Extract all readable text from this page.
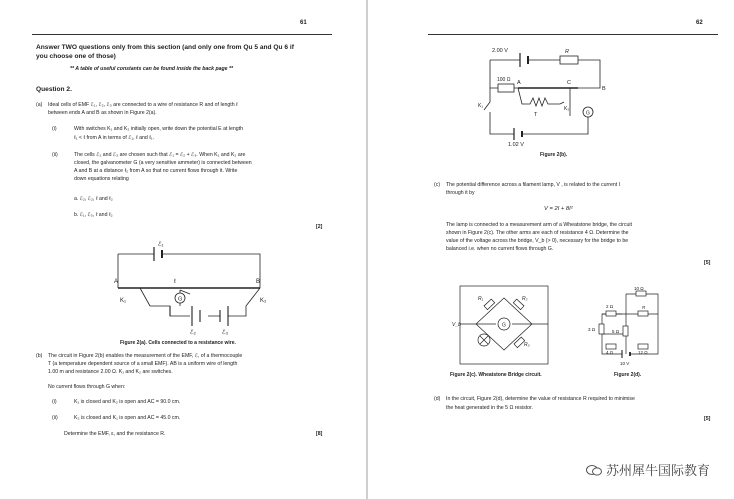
61
Answer TWO questions only from this section (and only one from Qu 5 and Qu 6 if you choose one of those)
** A table of useful constants can be found inside the back page **
Question 2.
(a) Ideal cells of EMF ℰ₁, ℰ₂, ℰ₃ are connected to a wire of resistance R and of length ℓ
between ends A and B as shown in Figure 2(a).
(i)	With switches K₁ and K₂ initially open, write down the potential E at length
ℓ₁ < ℓ from A in terms of ℰ₁, ℓ and ℓ₁.
(ii)	The cells ℰ₂ and ℰ₃ are chosen such that ℰ₁ = ℰ₂ + ℰ₃. When K₁ and K₂ are
closed, the galvanometer G (a very sensitive ammeter) is connected between
A and B at a distance ℓ₂ from A so that no current flows through it. Write
down equations relating
a. ℰ₂, ℰ₂, ℓ and ℓ₂
b. ℰ₁, ℰ₃, ℓ and ℓ₂
[2]
G
ℰ₁
ℓ
A	B
K₁	K₂
ℰ₂	ℰ₃
Figure 2(a). Cells connected to a resistance wire.
(b) The circuit in Figure 2(b) enables the measurement of the EMF, ℰ, of a thermocouple
T (a temperature dependent source of a small EMF). AB is a uniform wire of length
1.00 m and resistance 2.00 Ω. K₁ and K₂ are switches.
No current flows through G when:
(i)	K₁ is closed and K₂ is open and AC = 90.0 cm.
(ii)	K₂ is closed and K₁ is open and AC = 45.0 cm.
Determine the EMF, ε, and the resistance R.	[8]
62
2.00 V	R
100 Ω A	C
B
K₁
T
K₂
G
1.02 V
Figure 2(b).
(c) The potential difference across a filament lamp, V , is related to the current I
through it by
V = 2I + 8I²
The lamp is connected to a measurement arm of a Wheatstone bridge, the circuit
shown in Figure 2(c). The other arms are each of resistance 4 Ω. Determine the
value of the voltage across the bridge, V_b (> 0), necessary for the bridge to be
balanced i.e. when no current flows through G.
[5]
R₁	R₂
R₃
V_b	G
Figure 2(c). Wheatstone Bridge circuit.
10 Ω
2 Ω	R
3 Ω	5 Ω
4 Ω	12 Ω
10 V
Figure 2(d).
(d) In the circuit, Figure 2(d), determine the value of resistance R required to minimise
the heat generated in the 5 Ω resistor.
[5]
苏州犀牛国际教育
